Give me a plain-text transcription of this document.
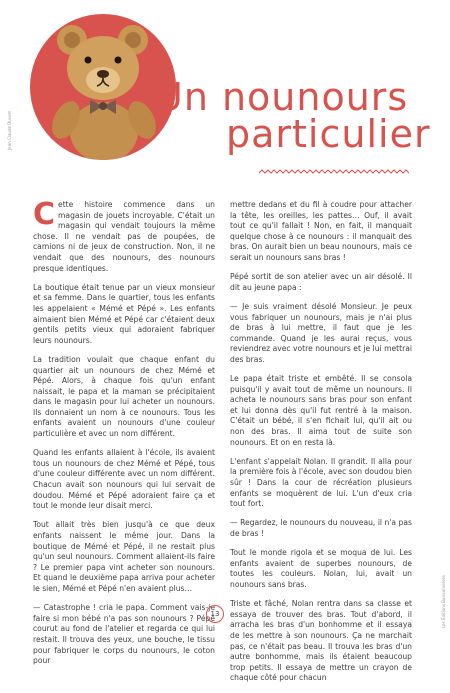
Jean-Claude Duvert
Un nounours
particulier

Cette histoire commence dans un magasin de jouets incroyable. C'était un magasin qui vendait toujours la même chose. Il ne vendait pas de poupées, de camions ni de jeux de construction. Non, il ne vendait que des nounours, des nounours presque identiques.

La boutique était tenue par un vieux monsieur et sa femme. Dans le quartier, tous les enfants les appelaient « Mémé et Pépé ». Les enfants aimaient bien Mémé et Pépé car c'étaient deux gentils petits vieux qui adoraient fabriquer leurs nounours.

La tradition voulait que chaque enfant du quartier ait un nounours de chez Mémé et Pépé. Alors, à chaque fois qu'un enfant naissait, le papa et la maman se précipitaient dans le magasin pour lui acheter un nounours. Ils donnaient un nom à ce nounours. Tous les enfants avaient un nounours d'une couleur particulière et avec un nom différent.

Quand les enfants allaient à l'école, ils avaient tous un nounours de chez Mémé et Pépé, tous d'une couleur différente avec un nom différent. Chacun avait son nounours qui lui servait de doudou. Mémé et Pépé adoraient faire ça et tout le monde leur disait merci.

Tout allait très bien jusqu'à ce que deux enfants naissent le même jour. Dans la boutique de Mémé et Pépé, il ne restait plus qu'un seul nounours. Comment allaient-ils faire ? Le premier papa vint acheter son nounours. Et quand le deuxième papa arriva pour acheter le sien, Mémé et Pépé n'en avaient plus…

— Catastrophe ! cria le papa. Comment vais-je faire si mon bébé n'a pas son nounours ? Pépé courut au fond de l'atelier et regarda ce qui lui restait. Il trouva des yeux, une bouche, le tissu pour fabriquer le corps du nounours, le coton pour

mettre dedans et du fil à coudre pour attacher la tête, les oreilles, les pattes… Ouf, il avait tout ce qu'il fallait ! Non, en fait, il manquait quelque chose à ce nounours : il manquait des bras. On aurait bien un beau nounours, mais ce serait un nounours sans bras !

Pépé sortit de son atelier avec un air désolé. Il dit au jeune papa :

— Je suis vraiment désolé Monsieur. Je peux vous fabriquer un nounours, mais je n'ai plus de bras à lui mettre, il faut que je les commande. Quand je les aurai reçus, vous reviendrez avec votre nounours et je lui mettrai des bras.

Le papa était triste et embêté. Il se consola puisqu'il y avait tout de même un nounours. Il acheta le nounours sans bras pour son enfant et lui donna dès qu'il fut rentré à la maison. C'était un bébé, il s'en fichait lui, qu'il ait ou non des bras. Il aima tout de suite son nounours. Et on en resta là.

L'enfant s'appelait Nolan. Il grandit. Il alla pour la première fois à l'école, avec son doudou bien sûr ! Dans la cour de récréation plusieurs enfants se moquèrent de lui. L'un d'eux cria tout fort.

— Regardez, le nounours du nouveau, il n'a pas de bras !

Tout le monde rigola et se moqua de lui. Les enfants avaient de superbes nounours, de toutes les couleurs. Nolan, lui, avait un nounours sans bras.

Triste et fâché, Nolan rentra dans sa classe et essaya de trouver des bras. Tout d'abord, il arracha les bras d'un bonhomme et il essaya de les mettre à son nounours. Ça ne marchait pas, ce n'était pas beau. Il trouva les bras d'un autre bonhomme, mais ils étaient beaucoup trop petits. Il essaya de mettre un crayon de chaque côté pour chacun

13	Les Éditions Buissonnières
